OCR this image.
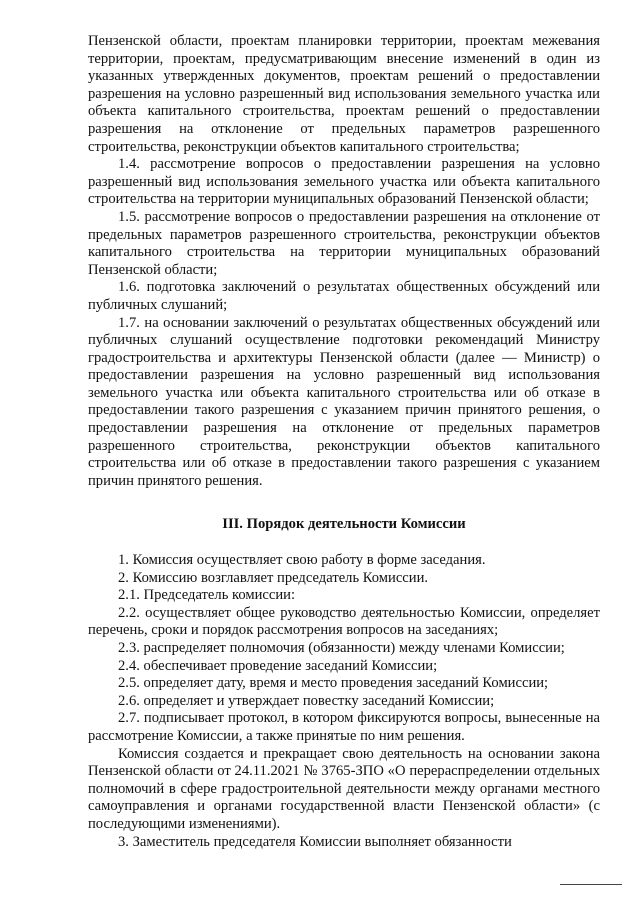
Пензенской области, проектам планировки территории, проектам межевания территории, проектам, предусматривающим внесение изменений в один из указанных утвержденных документов, проектам решений о предоставлении разрешения на условно разрешенный вид использования земельного участка или объекта капитального строительства, проектам решений о предоставлении разрешения на отклонение от предельных параметров разрешенного строительства, реконструкции объектов капитального строительства;

1.4. рассмотрение вопросов о предоставлении разрешения на условно разрешенный вид использования земельного участка или объекта капитального строительства на территории муниципальных образований Пензенской области;

1.5. рассмотрение вопросов о предоставлении разрешения на отклонение от предельных параметров разрешенного строительства, реконструкции объектов капитального строительства на территории муниципальных образований Пензенской области;

1.6. подготовка заключений о результатах общественных обсуждений или публичных слушаний;

1.7. на основании заключений о результатах общественных обсуждений или публичных слушаний осуществление подготовки рекомендаций Министру градостроительства и архитектуры Пензенской области (далее — Министр) о предоставлении разрешения на условно разрешенный вид использования земельного участка или объекта капитального строительства или об отказе в предоставлении такого разрешения с указанием причин принятого решения, о предоставлении разрешения на отклонение от предельных параметров разрешенного строительства, реконструкции объектов капитального строительства или об отказе в предоставлении такого разрешения с указанием причин принятого решения.

III. Порядок деятельности Комиссии

1. Комиссия осуществляет свою работу в форме заседания.

2. Комиссию возглавляет председатель Комиссии.

2.1. Председатель комиссии:

2.2. осуществляет общее руководство деятельностью Комиссии, определяет перечень, сроки и порядок рассмотрения вопросов на заседаниях;

2.3. распределяет полномочия (обязанности) между членами Комиссии;

2.4. обеспечивает проведение заседаний Комиссии;

2.5. определяет дату, время и место проведения заседаний Комиссии;

2.6. определяет и утверждает повестку заседаний Комиссии;

2.7. подписывает протокол, в котором фиксируются вопросы, вынесенные на рассмотрение Комиссии, а также принятые по ним решения.

Комиссия создается и прекращает свою деятельность на основании закона Пензенской области от 24.11.2021 № 3765-ЗПО «О перераспределении отдельных полномочий в сфере градостроительной деятельности между органами местного самоуправления и органами государственной власти Пензенской области» (с последующими изменениями).

3. Заместитель председателя Комиссии выполняет обязанности
